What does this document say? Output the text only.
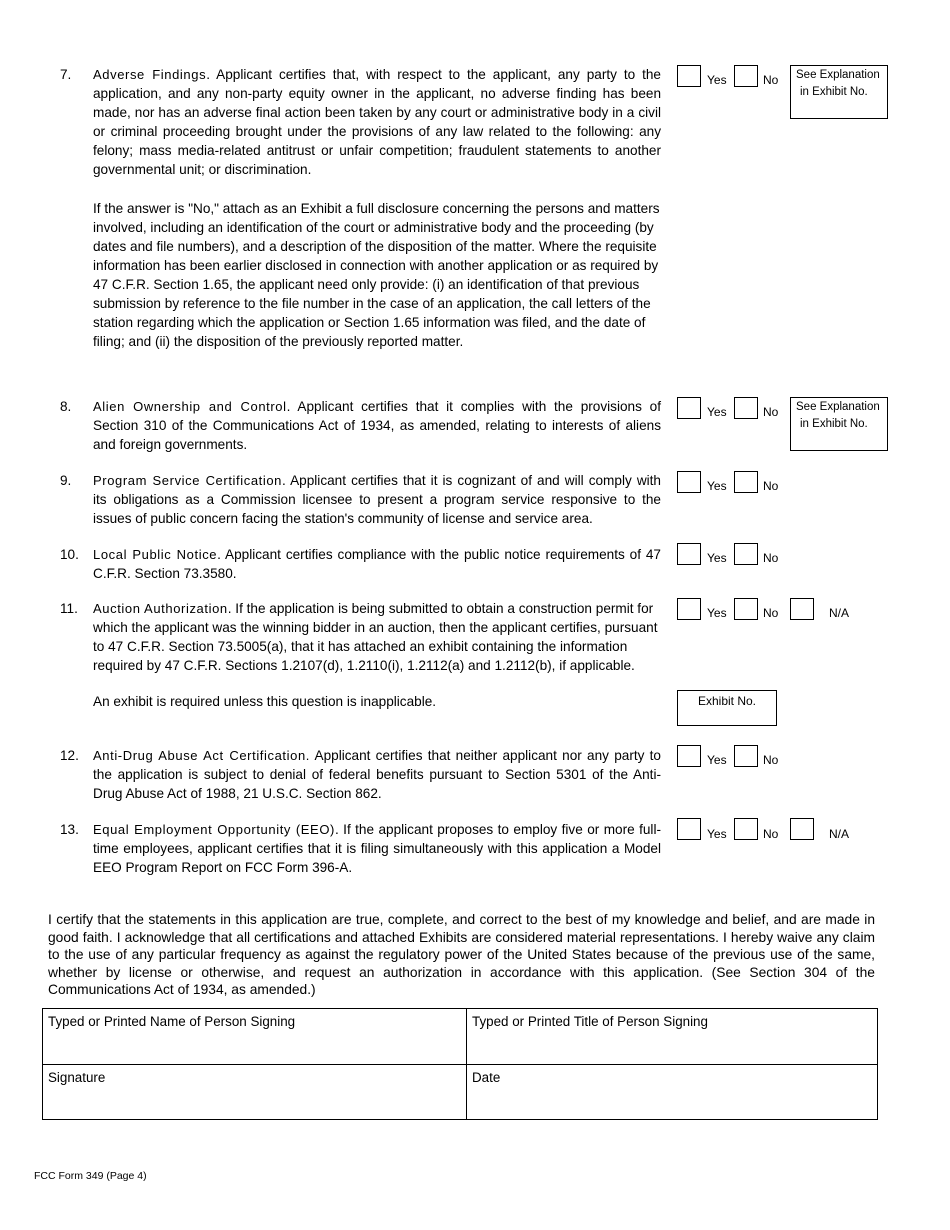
7.	Adverse Findings. Applicant certifies that, with respect to the applicant, any party to the application, and any non-party equity owner in the applicant, no adverse finding has been made, nor has an adverse final action been taken by any court or administrative body in a civil or criminal proceeding brought under the provisions of any law related to the following: any felony; mass media-related antitrust or unfair competition; fraudulent statements to another governmental unit; or discrimination.

If the answer is "No," attach as an Exhibit a full disclosure concerning the persons and matters involved, including an identification of the court or administrative body and the proceeding (by dates and file numbers), and a description of the disposition of the matter. Where the requisite information has been earlier disclosed in connection with another application or as required by 47 C.F.R. Section 1.65, the applicant need only provide: (i) an identification of that previous submission by reference to the file number in the case of an application, the call letters of the station regarding which the application or Section 1.65 information was filed, and the date of filing; and (ii) the disposition of the previously reported matter.

Yes	No	See Explanation
in Exhibit No.
8.	Alien Ownership and Control. Applicant certifies that it complies with the provisions of Section 310 of the Communications Act of 1934, as amended, relating to interests of aliens and foreign governments.

Yes	No	See Explanation
in Exhibit No.
9.	Program Service Certification. Applicant certifies that it is cognizant of and will comply with its obligations as a Commission licensee to present a program service responsive to the issues of public concern facing the station's community of license and service area.

Yes	No
10.	Local Public Notice. Applicant certifies compliance with the public notice requirements of 47 C.F.R. Section 73.3580.

Yes	No
11.	Auction Authorization. If the application is being submitted to obtain a construction permit for which the applicant was the winning bidder in an auction, then the applicant certifies, pursuant to 47 C.F.R. Section 73.5005(a), that it has attached an exhibit containing the information required by 47 C.F.R. Sections 1.2107(d), 1.2110(i), 1.2112(a) and 1.2112(b), if applicable.

An exhibit is required unless this question is inapplicable.

Yes	No	N/A
Exhibit No.
12.	Anti-Drug Abuse Act Certification. Applicant certifies that neither applicant nor any party to the application is subject to denial of federal benefits pursuant to Section 5301 of the Anti-Drug Abuse Act of 1988, 21 U.S.C. Section 862.

Yes	No
13.	Equal Employment Opportunity (EEO). If the applicant proposes to employ five or more full-time employees, applicant certifies that it is filing simultaneously with this application a Model EEO Program Report on FCC Form 396-A.

Yes	No	N/A
I certify that the statements in this application are true, complete, and correct to the best of my knowledge and belief, and are made in good faith. I acknowledge that all certifications and attached Exhibits are considered material representations. I hereby waive any claim to the use of any particular frequency as against the regulatory power of the United States because of the previous use of the same, whether by license or otherwise, and request an authorization in accordance with this application. (See Section 304 of the Communications Act of 1934, as amended.)
Typed or Printed Name of Person Signing	Typed or Printed Title of Person Signing
Signature	Date
FCC Form 349 (Page 4)
